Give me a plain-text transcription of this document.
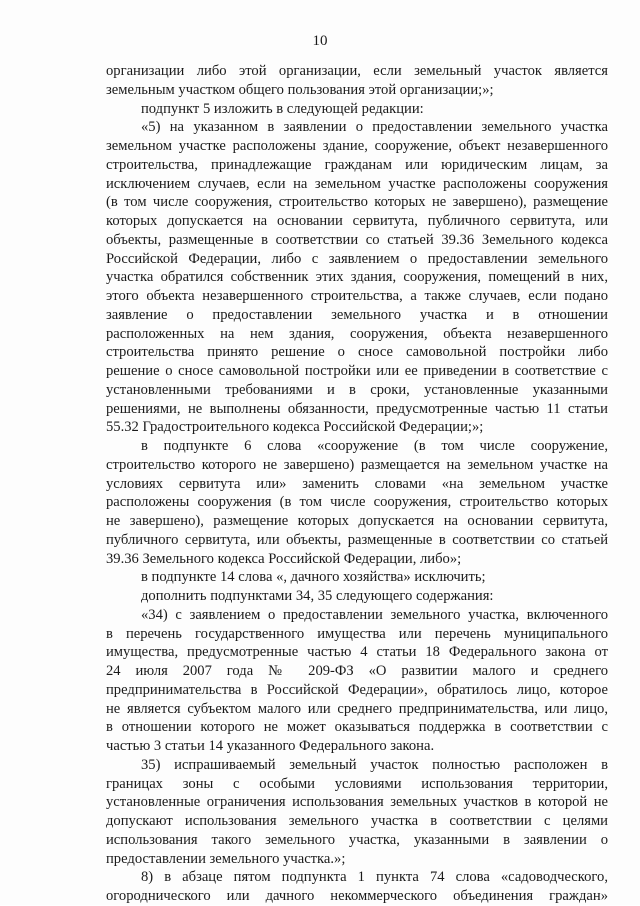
10
организации либо этой организации, если земельный участок является
земельным участком общего пользования этой организации;»;
подпункт 5 изложить в следующей редакции:
«5) на указанном в заявлении о предоставлении земельного участка
земельном участке расположены здание, сооружение, объект незавершенного
строительства, принадлежащие гражданам или юридическим лицам, за
исключением случаев, если на земельном участке расположены сооружения
(в том числе сооружения, строительство которых не завершено), размещение
которых допускается на основании сервитута, публичного сервитута, или
объекты, размещенные в соответствии со статьей 39.36 Земельного кодекса
Российской Федерации, либо с заявлением о предоставлении земельного
участка обратился собственник этих здания, сооружения, помещений в них,
этого объекта незавершенного строительства, а также случаев, если подано
заявление о предоставлении земельного участка и в отношении
расположенных на нем здания, сооружения, объекта незавершенного
строительства принято решение о сносе самовольной постройки либо
решение о сносе самовольной постройки или ее приведении в соответствие с
установленными требованиями и в сроки, установленные указанными
решениями, не выполнены обязанности, предусмотренные частью 11 статьи
55.32 Градостроительного кодекса Российской Федерации;»;
в подпункте 6 слова «сооружение (в том числе сооружение,
строительство которого не завершено) размещается на земельном участке на
условиях сервитута или» заменить словами «на земельном участке
расположены сооружения (в том числе сооружения, строительство которых
не завершено), размещение которых допускается на основании сервитута,
публичного сервитута, или объекты, размещенные в соответствии со статьей
39.36 Земельного кодекса Российской Федерации, либо»;
в подпункте 14 слова «, дачного хозяйства» исключить;
дополнить подпунктами 34, 35 следующего содержания:
«34) с заявлением о предоставлении земельного участка, включенного
в перечень государственного имущества или перечень муниципального
имущества, предусмотренные частью 4 статьи 18 Федерального закона от
24 июля 2007 года № 209-ФЗ «О развитии малого и среднего
предпринимательства в Российской Федерации», обратилось лицо, которое
не является субъектом малого или среднего предпринимательства, или лицо,
в отношении которого не может оказываться поддержка в соответствии с
частью 3 статьи 14 указанного Федерального закона.
35) испрашиваемый земельный участок полностью расположен в
границах зоны с особыми условиями использования территории,
установленные ограничения использования земельных участков в которой не
допускают использования земельного участка в соответствии с целями
использования такого земельного участка, указанными в заявлении о
предоставлении земельного участка.»;
8) в абзаце пятом подпункта 1 пункта 74 слова «садоводческого,
огороднического или дачного некоммерческого объединения граждан»
